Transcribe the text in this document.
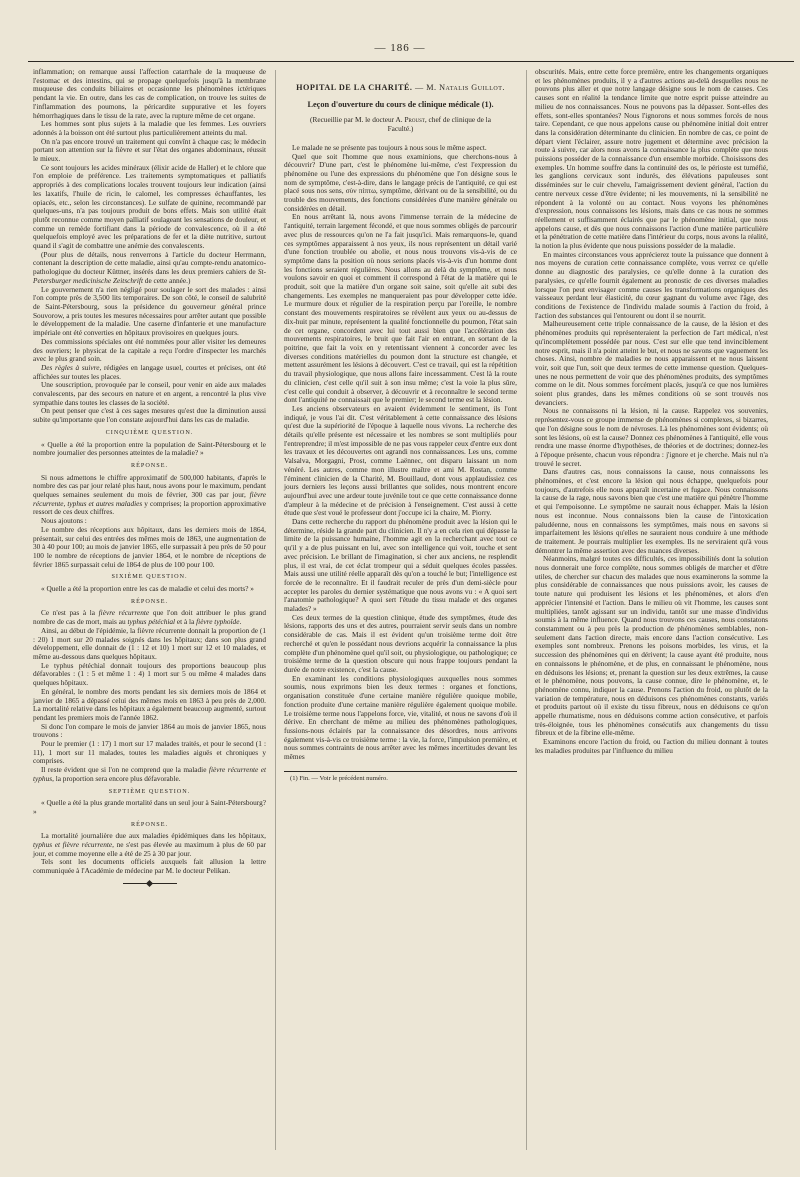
— 186 —

inflammation; on remarque aussi l'affection catarrhale de la muqueuse de l'estomac et des intestins, qui se propage quelquefois jusqu'à la membrane muqueuse des conduits biliaires et occasionne les phénomènes ictériques pendant la vie. En outre, dans les cas de complication, on trouve les suites de l'inflammation des poumons, la péricardite suppurative et les foyers hémorrhagiques dans le tissu de la rate, avec la rupture même de cet organe.

Les hommes sont plus sujets à la maladie que les femmes. Les ouvriers adonnés à la boisson ont été surtout plus particulièrement atteints du mal.

On n'a pas encore trouvé un traitement qui convînt à chaque cas; le médecin portant son attention sur la fièvre et sur l'état des organes abdominaux, réussit le mieux.

Ce sont toujours les acides minéraux (élixir acide de Haller) et le chlore que l'on emploie de préférence. Les traitements symptomatiques et palliatifs appropriés à des complications locales trouvent toujours leur indication (ainsi les laxatifs, l'huile de ricin, le calomel, les compresses échauffantes, les opiacés, etc., selon les circonstances). Le sulfate de quinine, recommandé par quelques-uns, n'a pas toujours produit de bons effets. Mais son utilité était plutôt reconnue comme moyen palliatif soulageant les sensations de douleur, et comme un remède fortifiant dans la période de convalescence, où il a été quelquefois employé avec les préparations de fer et la diète nutritive, surtout quand il s'agit de combattre une anémie des convalescents.

(Pour plus de détails, nous renverrons à l'article du docteur Herrmann, contenant la description de cette maladie, ainsi qu'au compte-rendu anatomico-pathologique du docteur Küttner, insérés dans les deux premiers cahiers de St-Petersburger medicinische Zeitschrift de cette année.)

Le gouvernement n'a rien négligé pour soulager le sort des malades : ainsi l'on compte près de 3,500 lits temporaires. De son côté, le conseil de salubrité de Saint-Pétersbourg, sous la présidence du gouverneur général prince Souvorow, a pris toutes les mesures nécessaires pour arrêter autant que possible le développement de la maladie. Une caserne d'infanterie et une manufacture impériale ont été converties en hôpitaux provisoires en quelques jours.

Des commissions spéciales ont été nommées pour aller visiter les demeures des ouvriers; le physicat de la capitale a reçu l'ordre d'inspecter les marchés avec le plus grand soin.

Des règles à suivre, rédigées en langage usuel, courtes et précises, ont été affichées sur toutes les places.

Une souscription, provoquée par le conseil, pour venir en aide aux malades convalescents, par des secours en nature et en argent, a rencontré la plus vive sympathie dans toutes les classes de la société.

On peut penser que c'est à ces sages mesures qu'est due la diminution aussi subite qu'importante que l'on constate aujourd'hui dans les cas de maladie.

CINQUIÈME QUESTION.

« Quelle a été la proportion entre la population de Saint-Pétersbourg et le nombre journalier des personnes atteintes de la maladie? »

RÉPONSE.

Si nous admettons le chiffre approximatif de 500,000 habitants, d'après le nombre des cas par jour relaté plus haut, nous avons pour le maximum, pendant quelques semaines seulement du mois de février, 300 cas par jour, fièvre récurrente, typhus et autres maladies y comprises; la proportion approximative ressort de ces deux chiffres.

Nous ajoutons :

Le nombre des réceptions aux hôpitaux, dans les derniers mois de 1864, présentait, sur celui des entrées des mêmes mois de 1863, une augmentation de 30 à 40 pour 100; au mois de janvier 1865, elle surpassait à peu près de 50 pour 100 le nombre de réceptions de janvier 1864, et le nombre de réceptions de février 1865 surpassait celui de 1864 de plus de 100 pour 100.

SIXIÈME QUESTION.

« Quelle a été la proportion entre les cas de maladie et celui des morts? »

RÉPONSE.

Ce n'est pas à la fièvre récurrente que l'on doit attribuer le plus grand nombre de cas de mort, mais au typhus pétéchial et à la fièvre typhoïde.

Ainsi, au début de l'épidémie, la fièvre récurrente donnait la proportion de (1 : 20) 1 mort sur 20 malades soignés dans les hôpitaux; dans son plus grand développement, elle donnait de (1 : 12 et 10) 1 mort sur 12 et 10 malades, et même au-dessous dans quelques hôpitaux.

Le typhus pétéchial donnait toujours des proportions beaucoup plus défavorables : (1 : 5 et même 1 : 4) 1 mort sur 5 ou même 4 malades dans quelques hôpitaux.

En général, le nombre des morts pendant les six derniers mois de 1864 et janvier de 1865 a dépassé celui des mêmes mois en 1863 à peu près de 2,000. La mortalité relative dans les hôpitaux a également beaucoup augmenté, surtout pendant les premiers mois de l'année 1862.

Si donc l'on compare le mois de janvier 1864 au mois de janvier 1865, nous trouvons :

Pour le premier (1 : 17) 1 mort sur 17 malades traités, et pour le second (1 : 11), 1 mort sur 11 malades, toutes les maladies aiguës et chroniques y comprises.

Il reste évident que si l'on ne comprend que la maladie fièvre récurrente et typhus, la proportion sera encore plus défavorable.

SEPTIÈME QUESTION.

« Quelle a été la plus grande mortalité dans un seul jour à Saint-Pétersbourg? »

RÉPONSE.

La mortalité journalière due aux maladies épidémiques dans les hôpitaux, typhus et fièvre récurrente, ne s'est pas élevée au maximum à plus de 60 par jour, et comme moyenne elle a été de 25 à 30 par jour.

Tels sont les documents officiels auxquels fait allusion la lettre communiquée à l'Académie de médecine par M. le docteur Pelikan.

HOPITAL DE LA CHARITÉ. — M. Natalis Guillot.
Leçon d'ouverture du cours de clinique médicale (1).
(Recueillie par M. le docteur A. Proust, chef de clinique de la Faculté.)

Le malade ne se présente pas toujours à nous sous le même aspect.

Quel que soit l'homme que nous examinions, que cherchons-nous à découvrir? D'une part, c'est le phénomène lui-même, c'est l'expression du phénomène ou l'une des expressions du phénomène que l'on désigne sous le nom de symptôme, c'est-à-dire, dans le langage précis de l'antiquité, ce qui est placé sous nos sens, σὺν πίπτω, symptôme, dérivant ou de la sensibilité, ou du trouble des mouvements, des fonctions considérées d'une manière générale ou considérées en détail.

En nous arrêtant là, nous avons l'immense terrain de la médecine de l'antiquité, terrain largement fécondé, et que nous sommes obligés de parcourir avec plus de ressources qu'on ne l'a fait jusqu'ici. Mais remarquons-le, quand ces symptômes apparaissent à nos yeux, ils nous représentent un détail varié d'une fonction troublée ou abolie, et nous nous trouvons vis-à-vis de ce symptôme dans la position où nous serions placés vis-à-vis d'un homme dont les fonctions seraient régulières. Nous allons au delà du symptôme, et nous voulons savoir en quoi et comment il correspond à l'état de la matière qui le produit, soit que la matière d'un organe soit saine, soit qu'elle ait subi des changements. Les exemples ne manqueraient pas pour développer cette idée. Le murmure doux et régulier de la respiration perçu par l'oreille, le nombre constant des mouvements respiratoires se révèlent aux yeux ou au-dessus de dix-huit par minute, représentent la qualité fonctionnelle du poumon, l'état sain de cet organe, concordent avec lui tout aussi bien que l'accélération des mouvements respiratoires, le bruit que fait l'air en entrant, en sortant de la poitrine, que fait la voix en y retentissant viennent à concorder avec les diverses conditions matérielles du poumon dont la structure est changée, et mettent assurément les lésions à découvert. C'est ce travail, qui est la répétition du travail physiologique, que nous allons faire incessamment. C'est là la route du clinicien, c'est celle qu'il suit à son insu même; c'est la voie la plus sûre, c'est celle qui conduit à observer, à découvrir et à reconnaître le second terme dont l'antiquité ne connaissait que le premier; le second terme est la lésion.

Les anciens observateurs en avaient évidemment le sentiment, ils l'ont indiqué, je vous l'ai dit. C'est véritablement à cette connaissance des lésions qu'est due la supériorité de l'époque à laquelle nous vivons. La recherche des détails qu'elle présente est nécessaire et les nombres se sont multipliés pour l'entreprendre; il m'est impossible de ne pas vous rappeler ceux d'entre eux dont les travaux et les découvertes ont agrandi nos connaissances. Les uns, comme Valsalva, Morgagni, Prost, comme Laënnec, ont disparu laissant un nom vénéré. Les autres, comme mon illustre maître et ami M. Rostan, comme l'éminent clinicien de la Charité, M. Bouillaud, dont vous applaudissiez ces jours derniers les leçons aussi brillantes que solides, nous montrent encore aujourd'hui avec une ardeur toute juvénile tout ce que cette connaissance donne d'ampleur à la médecine et de précision à l'enseignement. C'est aussi à cette étude que s'est voué le professeur dont j'occupe ici la chaire, M. Piorry.

Dans cette recherche du rapport du phénomène produit avec la lésion qui le détermine, réside la grande part du clinicien. Il n'y a en cela rien qui dépasse la limite de la puissance humaine, l'homme agit en la recherchant avec tout ce qu'il y a de plus puissant en lui, avec son intelligence qui voit, touche et sent avec précision. Le brillant de l'imagination, si cher aux anciens, ne resplendit plus, il est vrai, de cet éclat trompeur qui a séduit quelques écoles passées. Mais aussi une utilité réelle apparaît dès qu'on a touché le but; l'intelligence est forcée de le reconnaître. Et il faudrait reculer de près d'un demi-siècle pour accepter les paroles du dernier systématique que nous avons vu : « A quoi sert l'anatomie pathologique? A quoi sert l'étude du tissu malade et des organes malades? »

Ces deux termes de la question clinique, étude des symptômes, étude des lésions, rapports des uns et des autres, pourraient servir seuls dans un nombre considérable de cas. Mais il est évident qu'un troisième terme doit être recherché et qu'en le possédant nous devrions acquérir la connaissance la plus complète d'un phénomène quel qu'il soit, ou physiologique, ou pathologique; ce troisième terme de la question obscure qui nous frappe toujours pendant la durée de notre existence, c'est la cause.

En examinant les conditions physiologiques auxquelles nous sommes soumis, nous exprimons bien les deux termes : organes et fonctions, organisation constituée d'une certaine manière régulière quoique mobile, fonction produite d'une certaine manière régulière également quoique mobile. Le troisième terme nous l'appelons force, vie, vitalité, et nous ne savons d'où il dérive. En cherchant de même au milieu des phénomènes pathologiques, fussions-nous éclairés par la connaissance des désordres, nous arrivons également vis-à-vis ce troisième terme : la vie, la force, l'impulsion première, et nous sommes contraints de nous arrêter avec les mêmes incertitudes devant les mêmes

(1) Fin. — Voir le précédent numéro.

obscurités. Mais, entre cette force première, entre les changements organiques et les phénomènes produits, il y a d'autres actions au-delà desquelles nous ne pouvons plus aller et que notre langage désigne sous le nom de causes. Ces causes sont en réalité la tendance limite que notre esprit puisse atteindre au milieu de nos connaissances. Nous ne pouvons pas la dépasser. Sont-elles des effets, sont-elles spontanées? Nous l'ignorons et nous sommes forcés de nous taire. Cependant, ce que nous appelons cause ou phénomène initial doit entrer dans la considération déterminante du clinicien. En nombre de cas, ce point de départ vient l'éclairer, assure notre jugement et détermine avec précision la route à suivre, car alors nous avons la connaissance la plus complète que nous puissions posséder de la connaissance d'un ensemble morbide. Choisissons des exemples. Un homme souffre dans la continuité des os, le périoste est tuméfié, les ganglions cervicaux sont indurés, des élévations papuleuses sont disséminées sur le cuir chevelu, l'amaigrissement devient général, l'action du centre nerveux cesse d'être évidente; ni les mouvements, ni la sensibilité ne répondent à la volonté ou au contact. Nous voyons les phénomènes d'expression, nous connaissons les lésions, mais dans ce cas nous ne sommes réellement et suffisamment éclairés que par le phénomène initial, que nous appelons cause, et dès que nous connaissons l'action d'une matière particulière et la pénétration de cette matière dans l'intérieur du corps, nous avons la réalité, la notion la plus évidente que nous puissions posséder de la maladie.

En maintes circonstances vous apprécierez toute la puissance que donnent à nos moyens de curation cette connaissance complète, vous verrez ce qu'elle donne au diagnostic des paralysies, ce qu'elle donne à la curation des paralysies, ce qu'elle fournit également au pronostic de ces diverses maladies lorsque l'on peut envisager comme causes les transformations organiques des vaisseaux perdant leur élasticité, du cœur gagnant du volume avec l'âge, des conditions de l'existence de l'individu malade soumis à l'action du froid, à l'action des substances qui l'entourent ou dont il se nourrit.

Malheureusement cette triple connaissance de la cause, de la lésion et des phénomènes produits qui représenteraient la perfection de l'art médical, n'est qu'incomplètement possédée par nous. C'est sur elle que tend invinciblement notre esprit, mais il n'a point atteint le but, et nous ne savons que vaguement les choses. Ainsi, nombre de maladies ne nous apparaissent et ne nous laissent voir, soit que l'un, soit que deux termes de cette immense question. Quelques-unes ne nous permettent de voir que des phénomènes produits, des symptômes comme on le dit. Nous sommes forcément placés, jusqu'à ce que nos lumières soient plus grandes, dans les mêmes conditions où se sont trouvés nos devanciers.

Nous ne connaissons ni la lésion, ni la cause. Rappelez vos souvenirs, représentez-vous ce groupe immense de phénomènes si complexes, si bizarres, que l'on désigne sous le nom de névroses. Là les phénomènes sont évidents; où sont les lésions, où est la cause? Donnez ces phénomènes à l'antiquité, elle vous rendra une masse énorme d'hypothèses, de théories et de doctrines; donnez-les à l'époque présente, chacun vous répondra : j'ignore et je cherche. Mais nul n'a trouvé le secret.

Dans d'autres cas, nous connaissons la cause, nous connaissons les phénomènes, et c'est encore la lésion qui nous échappe, quelquefois pour toujours, d'autrefois elle nous apparaît incertaine et fugace. Nous connaissons la cause de la rage, nous savons bien que c'est une matière qui pénètre l'homme et qui l'empoisonne. Le symptôme ne saurait nous échapper. Mais la lésion nous est inconnue. Nous connaissons bien la cause de l'intoxication paludéenne, nous en connaissons les symptômes, mais nous en savons si imparfaitement les lésions qu'elles ne sauraient nous conduire à une méthode de traitement. Je pourrais multiplier les exemples. Ils ne serviraient qu'à vous démontrer la même assertion avec des nuances diverses.

Néanmoins, malgré toutes ces difficultés, ces impossibilités dont la solution nous donnerait une force complète, nous sommes obligés de marcher et d'être utiles, de chercher sur chacun des malades que nous examinerons la somme la plus considérable de connaissances que nous puissions avoir, les causes de toute nature qui produisent les lésions et les phénomènes, et alors d'en apprécier l'intensité et l'action. Dans le milieu où vit l'homme, les causes sont multipliées, tantôt agissant sur un individu, tantôt sur une masse d'individus soumis à la même influence. Quand nous trouvons ces causes, nous constatons constamment ou à peu près la production de phénomènes semblables, non-seulement dans l'action directe, mais encore dans l'action consécutive. Les exemples sont nombreux. Prenons les poisons morbides, les virus, et la succession des phénomènes qui en dérivent; la cause ayant été produite, nous en connaissons le phénomène, et de plus, en connaissant le phénomène, nous en déduisons les lésions; et, prenant la question sur les deux extrêmes, la cause et le phénomène, nous pouvons, la cause connue, dire le phénomène, et, le phénomène connu, indiquer la cause. Prenons l'action du froid, ou plutôt de la variation de température, nous en déduisons ces phénomènes constants, variés et produits partout où il existe du tissu fibreux, nous en déduisons ce qu'on appelle rhumatisme, nous en déduisons comme action consécutive, et parfois très-éloignée, tous les phénomènes consécutifs aux changements du tissu fibreux et de la fibrine elle-même.

Examinons encore l'action du froid, ou l'action du milieu donnant à toutes les maladies produites par l'influence du milieu
